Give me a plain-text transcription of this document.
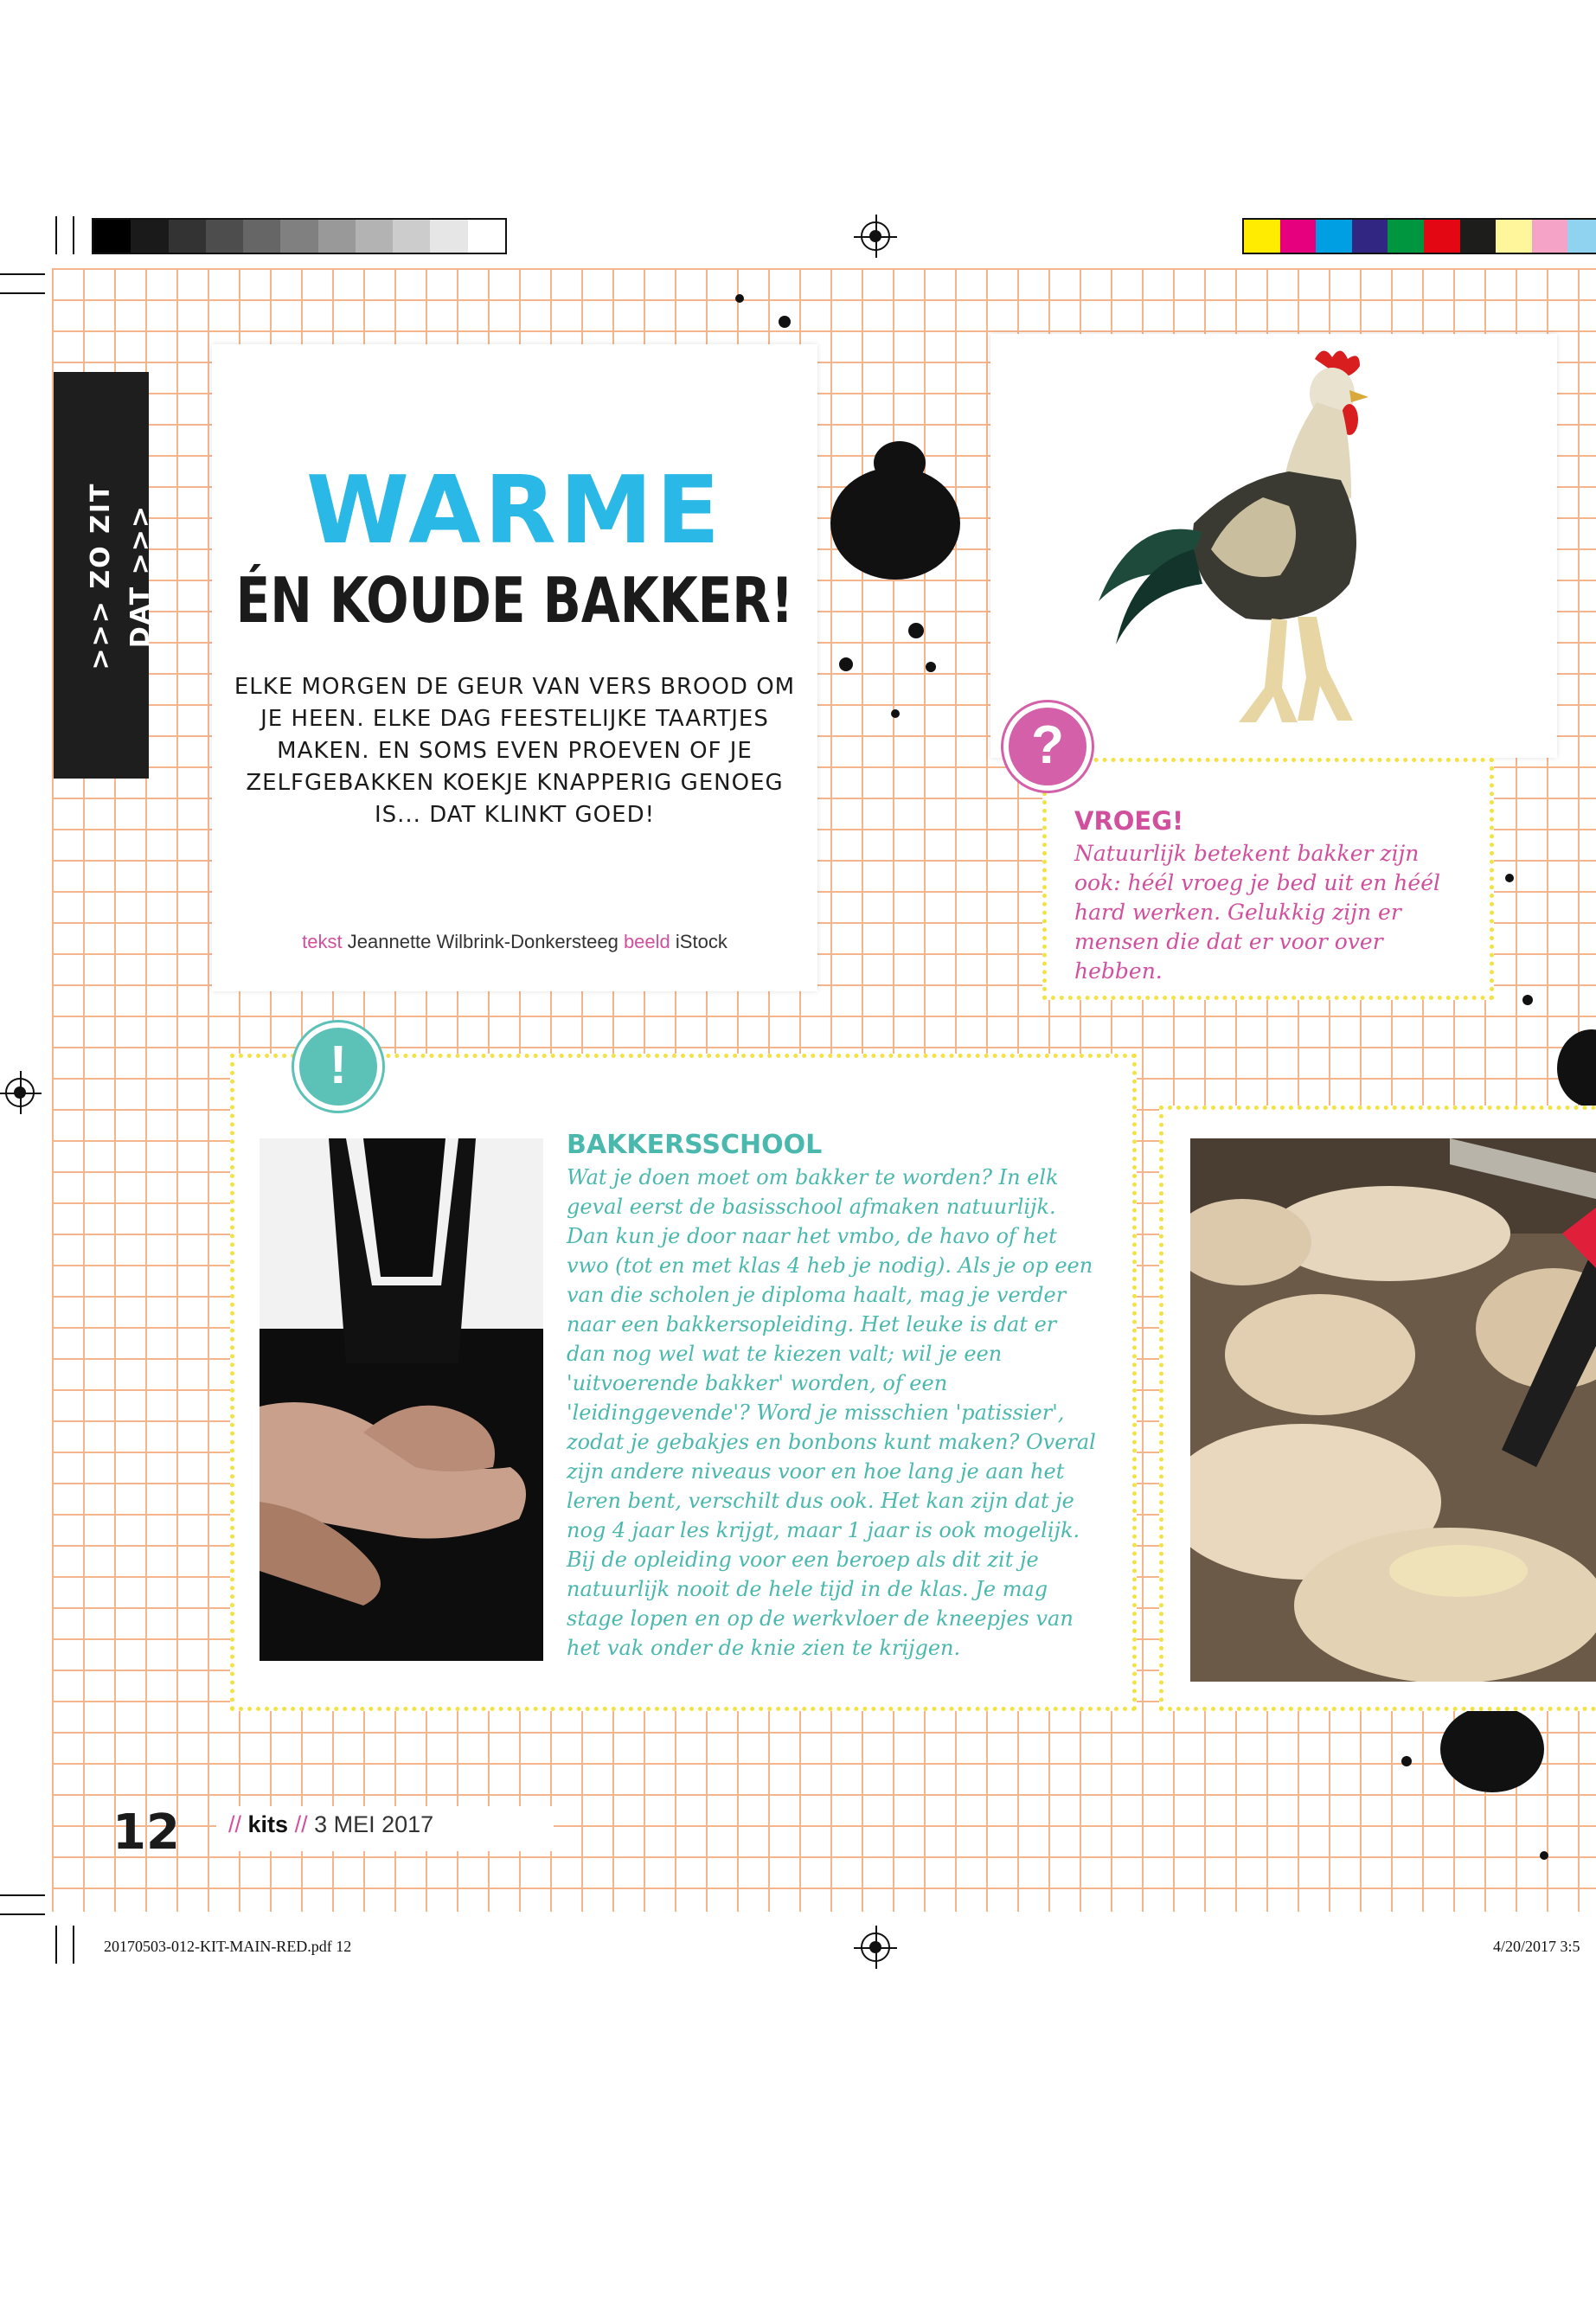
>>> ZO ZIT DAT >>>	WARME
ÉN KOUDE BAKKER!
ELKE MORGEN DE GEUR VAN VERS BROOD OM JE HEEN. ELKE DAG FEESTELIJKE TAARTJES MAKEN. EN SOMS EVEN PROEVEN OF JE ZELFGEBAKKEN KOEKJE KNAPPERIG GENOEG IS... DAT KLINKT GOED!
tekst Jeannette Wilbrink-Donkersteeg beeld iStock
?
VROEG!
Natuurlijk betekent bakker zijn ook: héél vroeg je bed uit en héél hard werken. Gelukkig zijn er mensen die dat er voor over hebben.
!
BAKKERSSCHOOL
Wat je doen moet om bakker te worden? In elk geval eerst de basisschool afmaken natuurlijk. Dan kun je door naar het vmbo, de havo of het vwo (tot en met klas 4 heb je nodig). Als je op een van die scholen je diploma haalt, mag je verder naar een bakkersopleiding. Het leuke is dat er dan nog wel wat te kiezen valt; wil je een 'uitvoerende bakker' worden, of een 'leidinggevende'? Word je misschien 'patissier', zodat je gebakjes en bonbons kunt maken? Overal zijn andere niveaus voor en hoe lang je aan het leren bent, verschilt dus ook. Het kan zijn dat je nog 4 jaar les krijgt, maar 1 jaar is ook mogelijk. Bij de opleiding voor een beroep als dit zit je natuurlijk nooit de hele tijd in de klas. Je mag stage lopen en op de werkvloer de kneepjes van het vak onder de knie zien te krijgen.
12 // kits // 3 MEI 2017
20170503-012-KIT-MAIN-RED.pdf 12	4/20/2017 3:5
